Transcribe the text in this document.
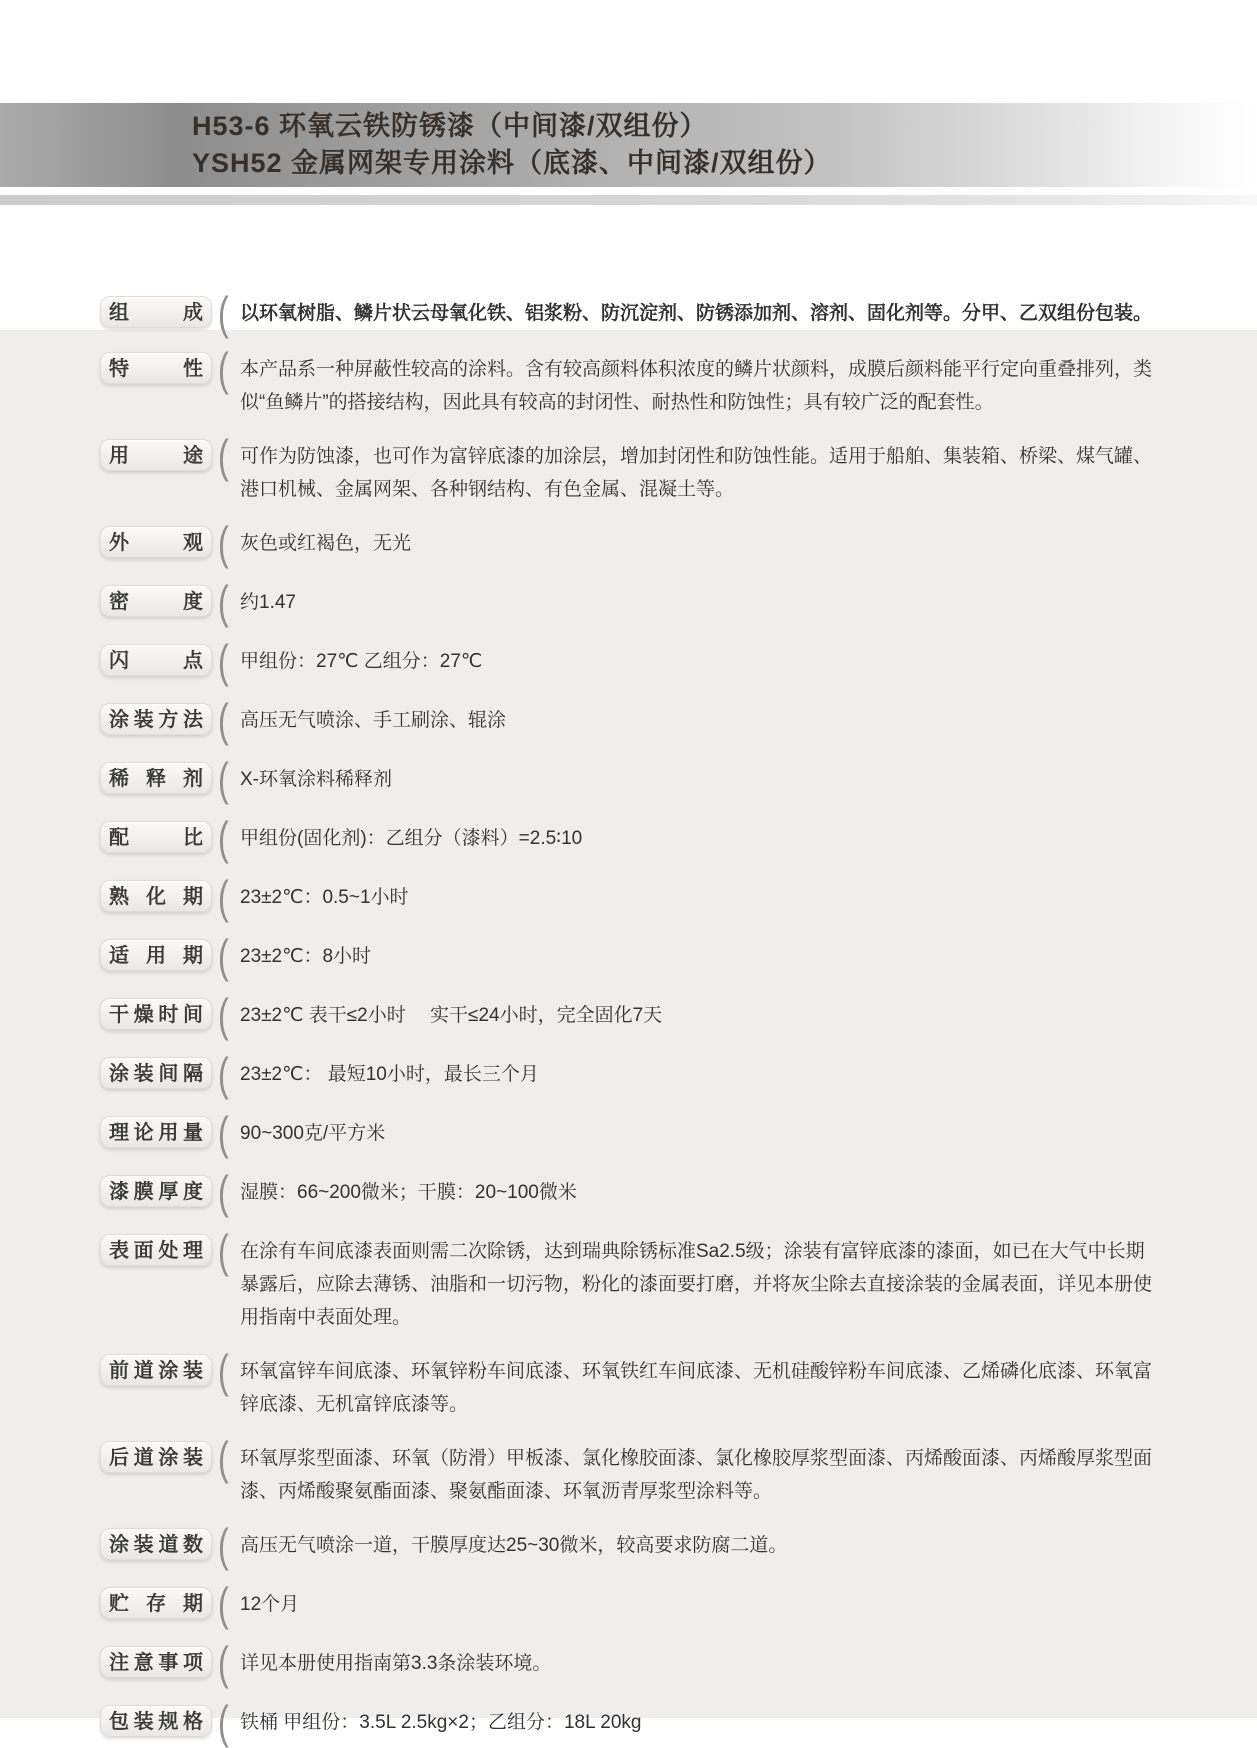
H53-6 环氧云铁防锈漆（中间漆/双组份）
YSH52 金属网架专用涂料（底漆、中间漆/双组份）
组成 (	以环氧树脂、鳞片状云母氧化铁、铝浆粉、防沉淀剂、防锈添加剂、溶剂、固化剂等。分甲、乙双组份包装。
特性 (	本产品系一种屏蔽性较高的涂料。含有较高颜料体积浓度的鳞片状颜料，成膜后颜料能平行定向重叠排列，类似“鱼鳞片”的搭接结构，因此具有较高的封闭性、耐热性和防蚀性；具有较广泛的配套性。
用途 (	可作为防蚀漆，也可作为富锌底漆的加涂层，增加封闭性和防蚀性能。适用于船舶、集装箱、桥梁、煤气罐、港口机械、金属网架、各种钢结构、有色金属、混凝土等。
外观 (	灰色或红褐色，无光
密度 (	约1.47
闪点 (	甲组份：27℃ 乙组分：27℃
涂装方法 (	高压无气喷涂、手工刷涂、辊涂
稀释剂 (	X-环氧涂料稀释剂
配比 (	甲组份(固化剂)：乙组分（漆料）=2.5∶10
熟化期 (	23±2℃：0.5~1小时
适用期 (	23±2℃：8小时
干燥时间 (	23±2℃ 表干≤2小时　 实干≤24小时，完全固化7天
涂装间隔 (	23±2℃： 最短10小时，最长三个月
理论用量 (	90~300克/平方米
漆膜厚度 (	湿膜：66~200微米；干膜：20~100微米
表面处理 (	在涂有车间底漆表面则需二次除锈，达到瑞典除锈标准Sa2.5级；涂装有富锌底漆的漆面，如已在大气中长期暴露后，应除去薄锈、油脂和一切污物，粉化的漆面要打磨，并将灰尘除去直接涂装的金属表面，详见本册使用指南中表面处理。
前道涂装 (	环氧富锌车间底漆、环氧锌粉车间底漆、环氧铁红车间底漆、无机硅酸锌粉车间底漆、乙烯磷化底漆、环氧富锌底漆、无机富锌底漆等。
后道涂装 (	环氧厚浆型面漆、环氧（防滑）甲板漆、氯化橡胶面漆、氯化橡胶厚浆型面漆、丙烯酸面漆、丙烯酸厚浆型面漆、丙烯酸聚氨酯面漆、聚氨酯面漆、环氧沥青厚浆型涂料等。
涂装道数 (	高压无气喷涂一道，干膜厚度达25~30微米，较高要求防腐二道。
贮存期 (	12个月
注意事项 (	详见本册使用指南第3.3条涂装环境。
包装规格 (	铁桶 甲组份：3.5L 2.5kg×2；乙组分：18L 20kg
